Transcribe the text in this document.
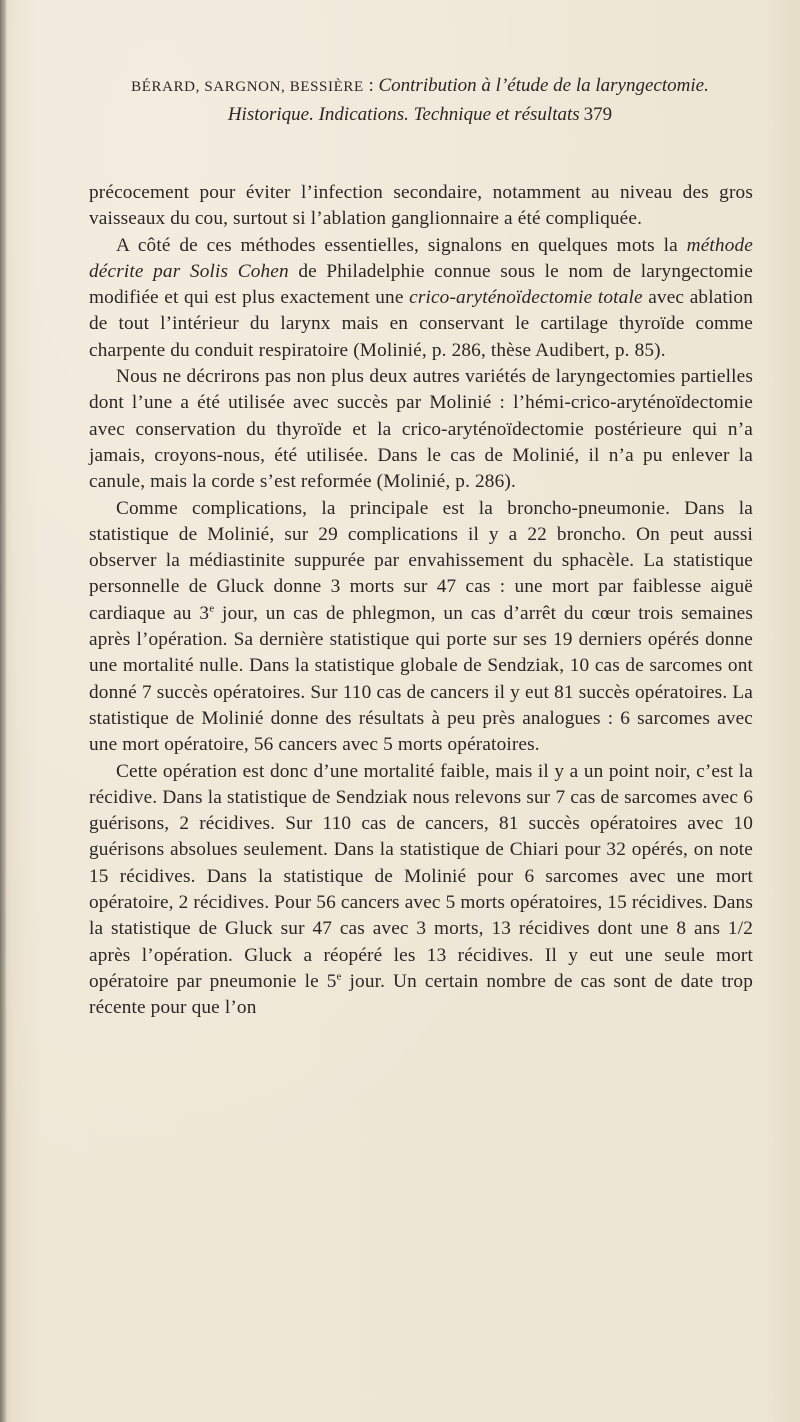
BÉRARD, SARGNON, BESSIÈRE : Contribution à l’étude de la laryngectomie. Historique. Indications. Technique et résultats 379

précocement pour éviter l’infection secondaire, notamment au niveau des gros vaisseaux du cou, surtout si l’ablation ganglionnaire a été compliquée.

A côté de ces méthodes essentielles, signalons en quelques mots la méthode décrite par Solis Cohen de Philadelphie connue sous le nom de laryngectomie modifiée et qui est plus exactement une crico-aryténoïdectomie totale avec ablation de tout l’intérieur du larynx mais en conservant le cartilage thyroïde comme charpente du conduit respiratoire (Molinié, p. 286, thèse Audibert, p. 85).

Nous ne décrirons pas non plus deux autres variétés de laryngectomies partielles dont l’une a été utilisée avec succès par Molinié : l’hémi-crico-aryténoïdectomie avec conservation du thyroïde et la crico-aryténoïdectomie postérieure qui n’a jamais, croyons-nous, été utilisée. Dans le cas de Molinié, il n’a pu enlever la canule, mais la corde s’est reformée (Molinié, p. 286).

Comme complications, la principale est la broncho-pneumonie. Dans la statistique de Molinié, sur 29 complications il y a 22 broncho. On peut aussi observer la médiastinite suppurée par envahissement du sphacèle. La statistique personnelle de Gluck donne 3 morts sur 47 cas : une mort par faiblesse aiguë cardiaque au 3e jour, un cas de phlegmon, un cas d’arrêt du cœur trois semaines après l’opération. Sa dernière statistique qui porte sur ses 19 derniers opérés donne une mortalité nulle. Dans la statistique globale de Sendziak, 10 cas de sarcomes ont donné 7 succès opératoires. Sur 110 cas de cancers il y eut 81 succès opératoires. La statistique de Molinié donne des résultats à peu près analogues : 6 sarcomes avec une mort opératoire, 56 cancers avec 5 morts opératoires.

Cette opération est donc d’une mortalité faible, mais il y a un point noir, c’est la récidive. Dans la statistique de Sendziak nous relevons sur 7 cas de sarcomes avec 6 guérisons, 2 récidives. Sur 110 cas de cancers, 81 succès opératoires avec 10 guérisons absolues seulement. Dans la statistique de Chiari pour 32 opérés, on note 15 récidives. Dans la statistique de Molinié pour 6 sarcomes avec une mort opératoire, 2 récidives. Pour 56 cancers avec 5 morts opératoires, 15 récidives. Dans la statistique de Gluck sur 47 cas avec 3 morts, 13 récidives dont une 8 ans 1/2 après l’opération. Gluck a réopéré les 13 récidives. Il y eut une seule mort opératoire par pneumonie le 5e jour. Un certain nombre de cas sont de date trop récente pour que l’on
